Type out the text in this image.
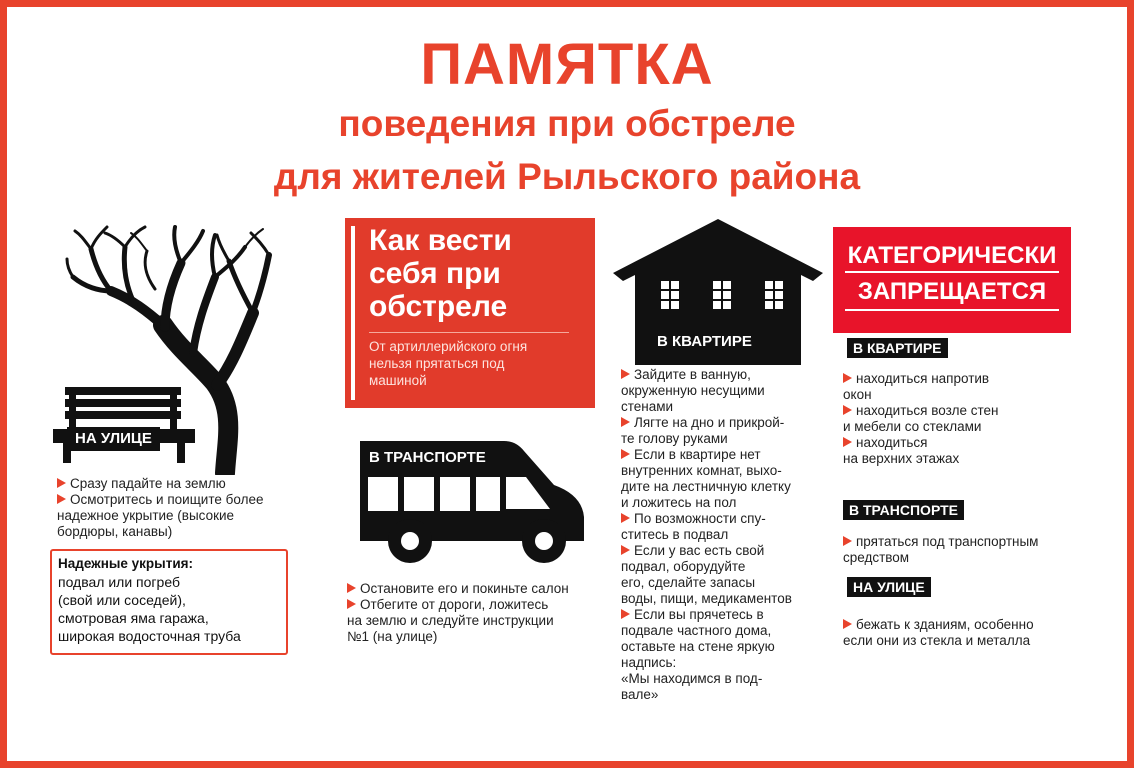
ПАМЯТКА
поведения при обстреле
для жителей Рыльского района
НА УЛИЦЕ
Сразу падайте на землю
Осмотритесь и поищите более
надежное укрытие (высокие
бордюры, канавы)
Надежные укрытия:
подвал или погреб
(свой или соседей),
смотровая яма гаража,
широкая водосточная труба
Как вести
себя при
обстреле
От артиллерийского огня
нельзя прятаться под
машиной
В ТРАНСПОРТЕ
Остановите его и покиньте салон
Отбегите от дороги, ложитесь
на землю и следуйте инструкции
№1 (на улице)
В КВАРТИРЕ
Зайдите в ванную,
окруженную несущими
стенами
Лягте на дно и прикрой-
те голову руками
Если в квартире нет
внутренних комнат, выхо-
дите на лестничную клетку
и ложитесь на пол
По возможности спу-
ститесь в подвал
Если у вас есть свой
подвал, оборудуйте
его, сделайте запасы
воды, пищи, медикаментов
Если вы прячетесь в
подвале частного дома,
оставьте на стене яркую
надпись:
«Мы находимся в под-
вале»
КАТЕГОРИЧЕСКИ
ЗАПРЕЩАЕТСЯ
В КВАРТИРЕ
находиться напротив
окон
находиться возле стен
и мебели со стеклами
находиться
на верхних этажах
В ТРАНСПОРТЕ
прятаться под транспортным
средством
НА УЛИЦЕ
бежать к зданиям, особенно
если они из стекла и металла
